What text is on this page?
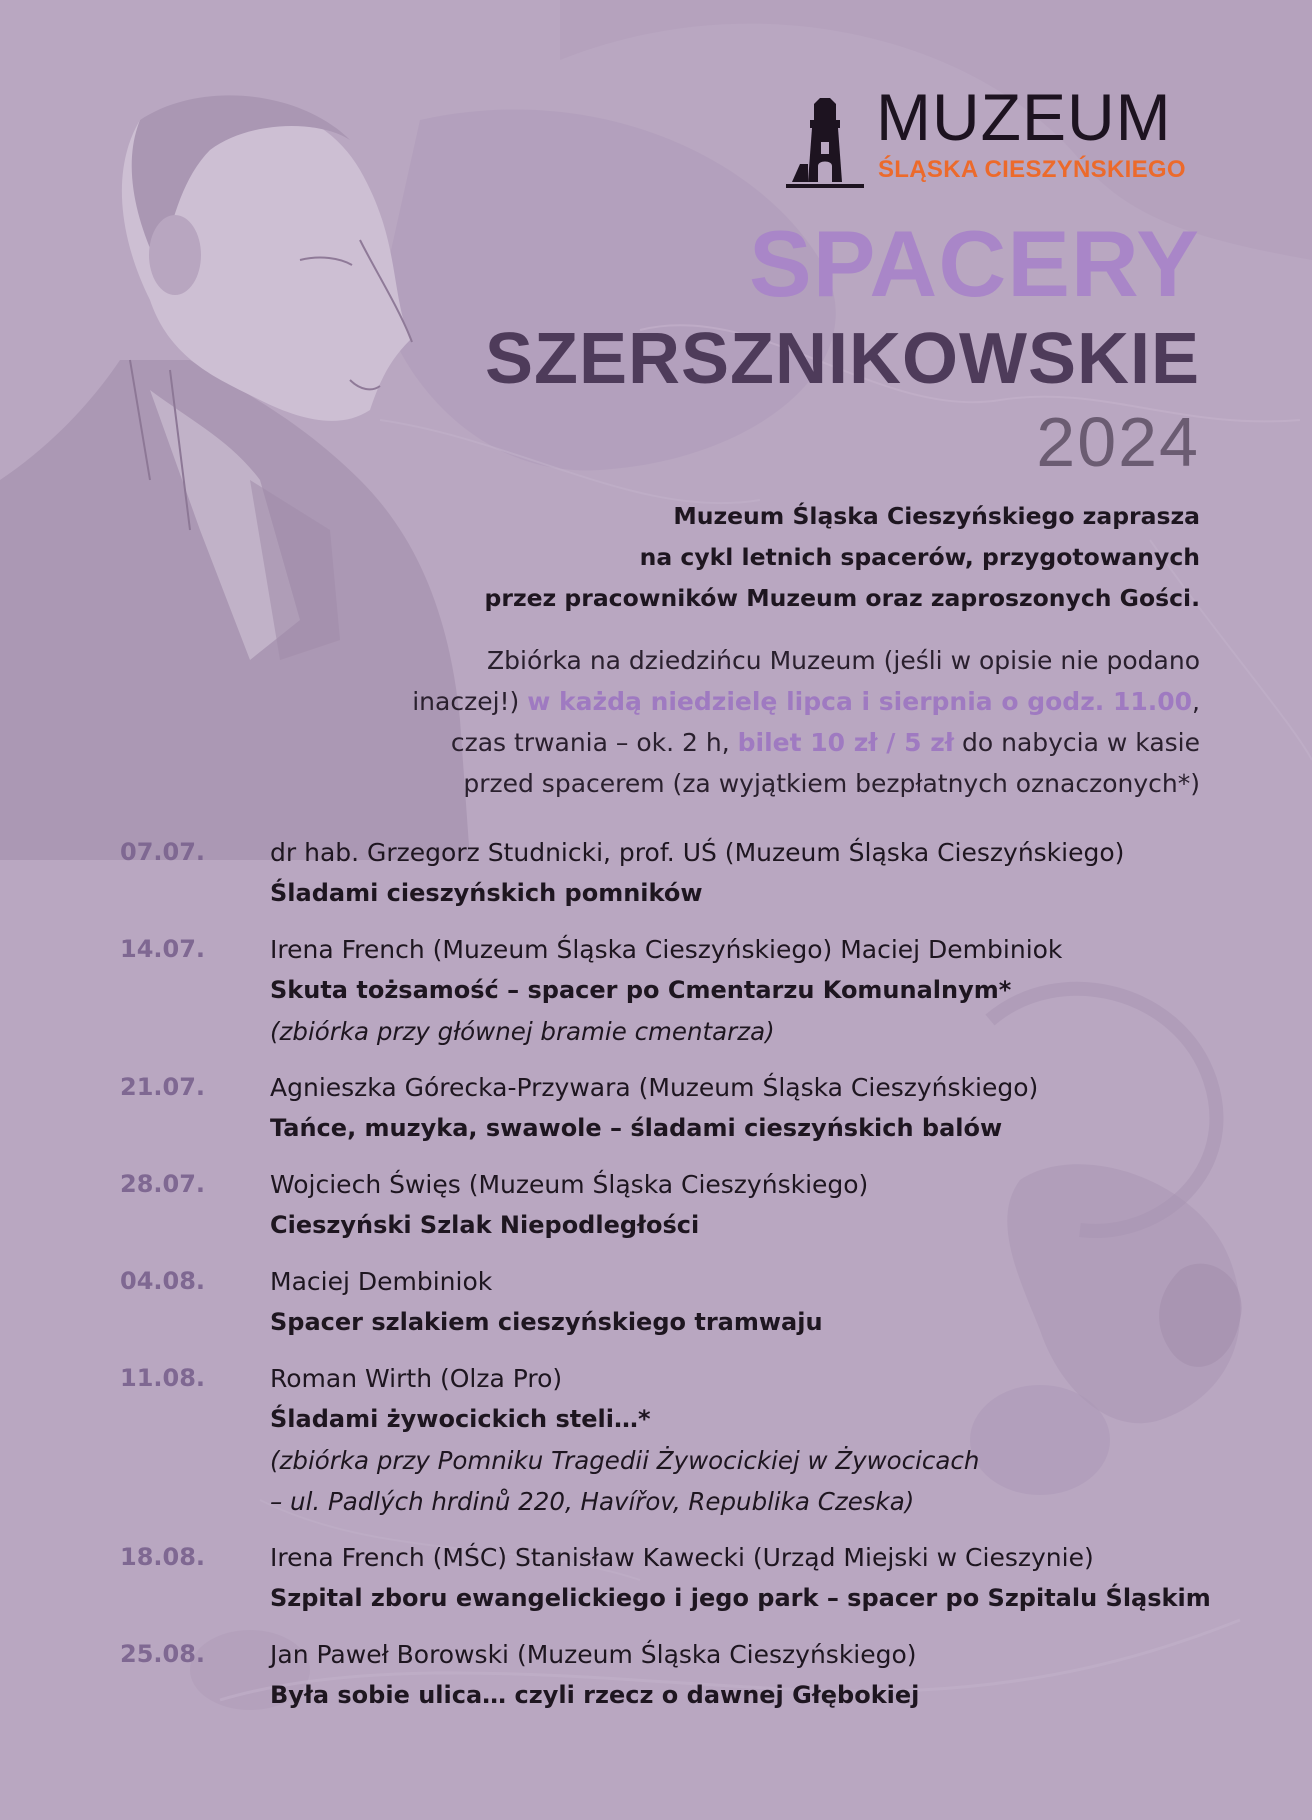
MUZEUM
ŚLĄSKA CIESZYŃSKIEGO
SPACERY
SZERSZNIKOWSKIE
2024
Muzeum Śląska Cieszyńskiego zaprasza
na cykl letnich spacerów, przygotowanych
przez pracowników Muzeum oraz zaproszonych Gości.
Zbiórka na dziedzińcu Muzeum (jeśli w opisie nie podano
inaczej!) w każdą niedzielę lipca i sierpnia o godz. 11.00,
czas trwania – ok. 2 h, bilet 10 zł / 5 zł do nabycia w kasie
przed spacerem (za wyjątkiem bezpłatnych oznaczonych*)
07.07.	dr hab. Grzegorz Studnicki, prof. UŚ (Muzeum Śląska Cieszyńskiego)
Śladami cieszyńskich pomników
14.07.	Irena French (Muzeum Śląska Cieszyńskiego) Maciej Dembiniok
Skuta tożsamość – spacer po Cmentarzu Komunalnym*
(zbiórka przy głównej bramie cmentarza)
21.07.	Agnieszka Górecka-Przywara (Muzeum Śląska Cieszyńskiego)
Tańce, muzyka, swawole – śladami cieszyńskich balów
28.07.	Wojciech Święs (Muzeum Śląska Cieszyńskiego)
Cieszyński Szlak Niepodległości
04.08.	Maciej Dembiniok
Spacer szlakiem cieszyńskiego tramwaju
11.08.	Roman Wirth (Olza Pro)
Śladami żywocickich steli…*
(zbiórka przy Pomniku Tragedii Żywocickiej w Żywocicach
– ul. Padlých hrdinů 220, Havířov, Republika Czeska)
18.08.	Irena French (MŚC) Stanisław Kawecki (Urząd Miejski w Cieszynie)
Szpital zboru ewangelickiego i jego park – spacer po Szpitalu Śląskim
25.08.	Jan Paweł Borowski (Muzeum Śląska Cieszyńskiego)
Była sobie ulica… czyli rzecz o dawnej Głębokiej
